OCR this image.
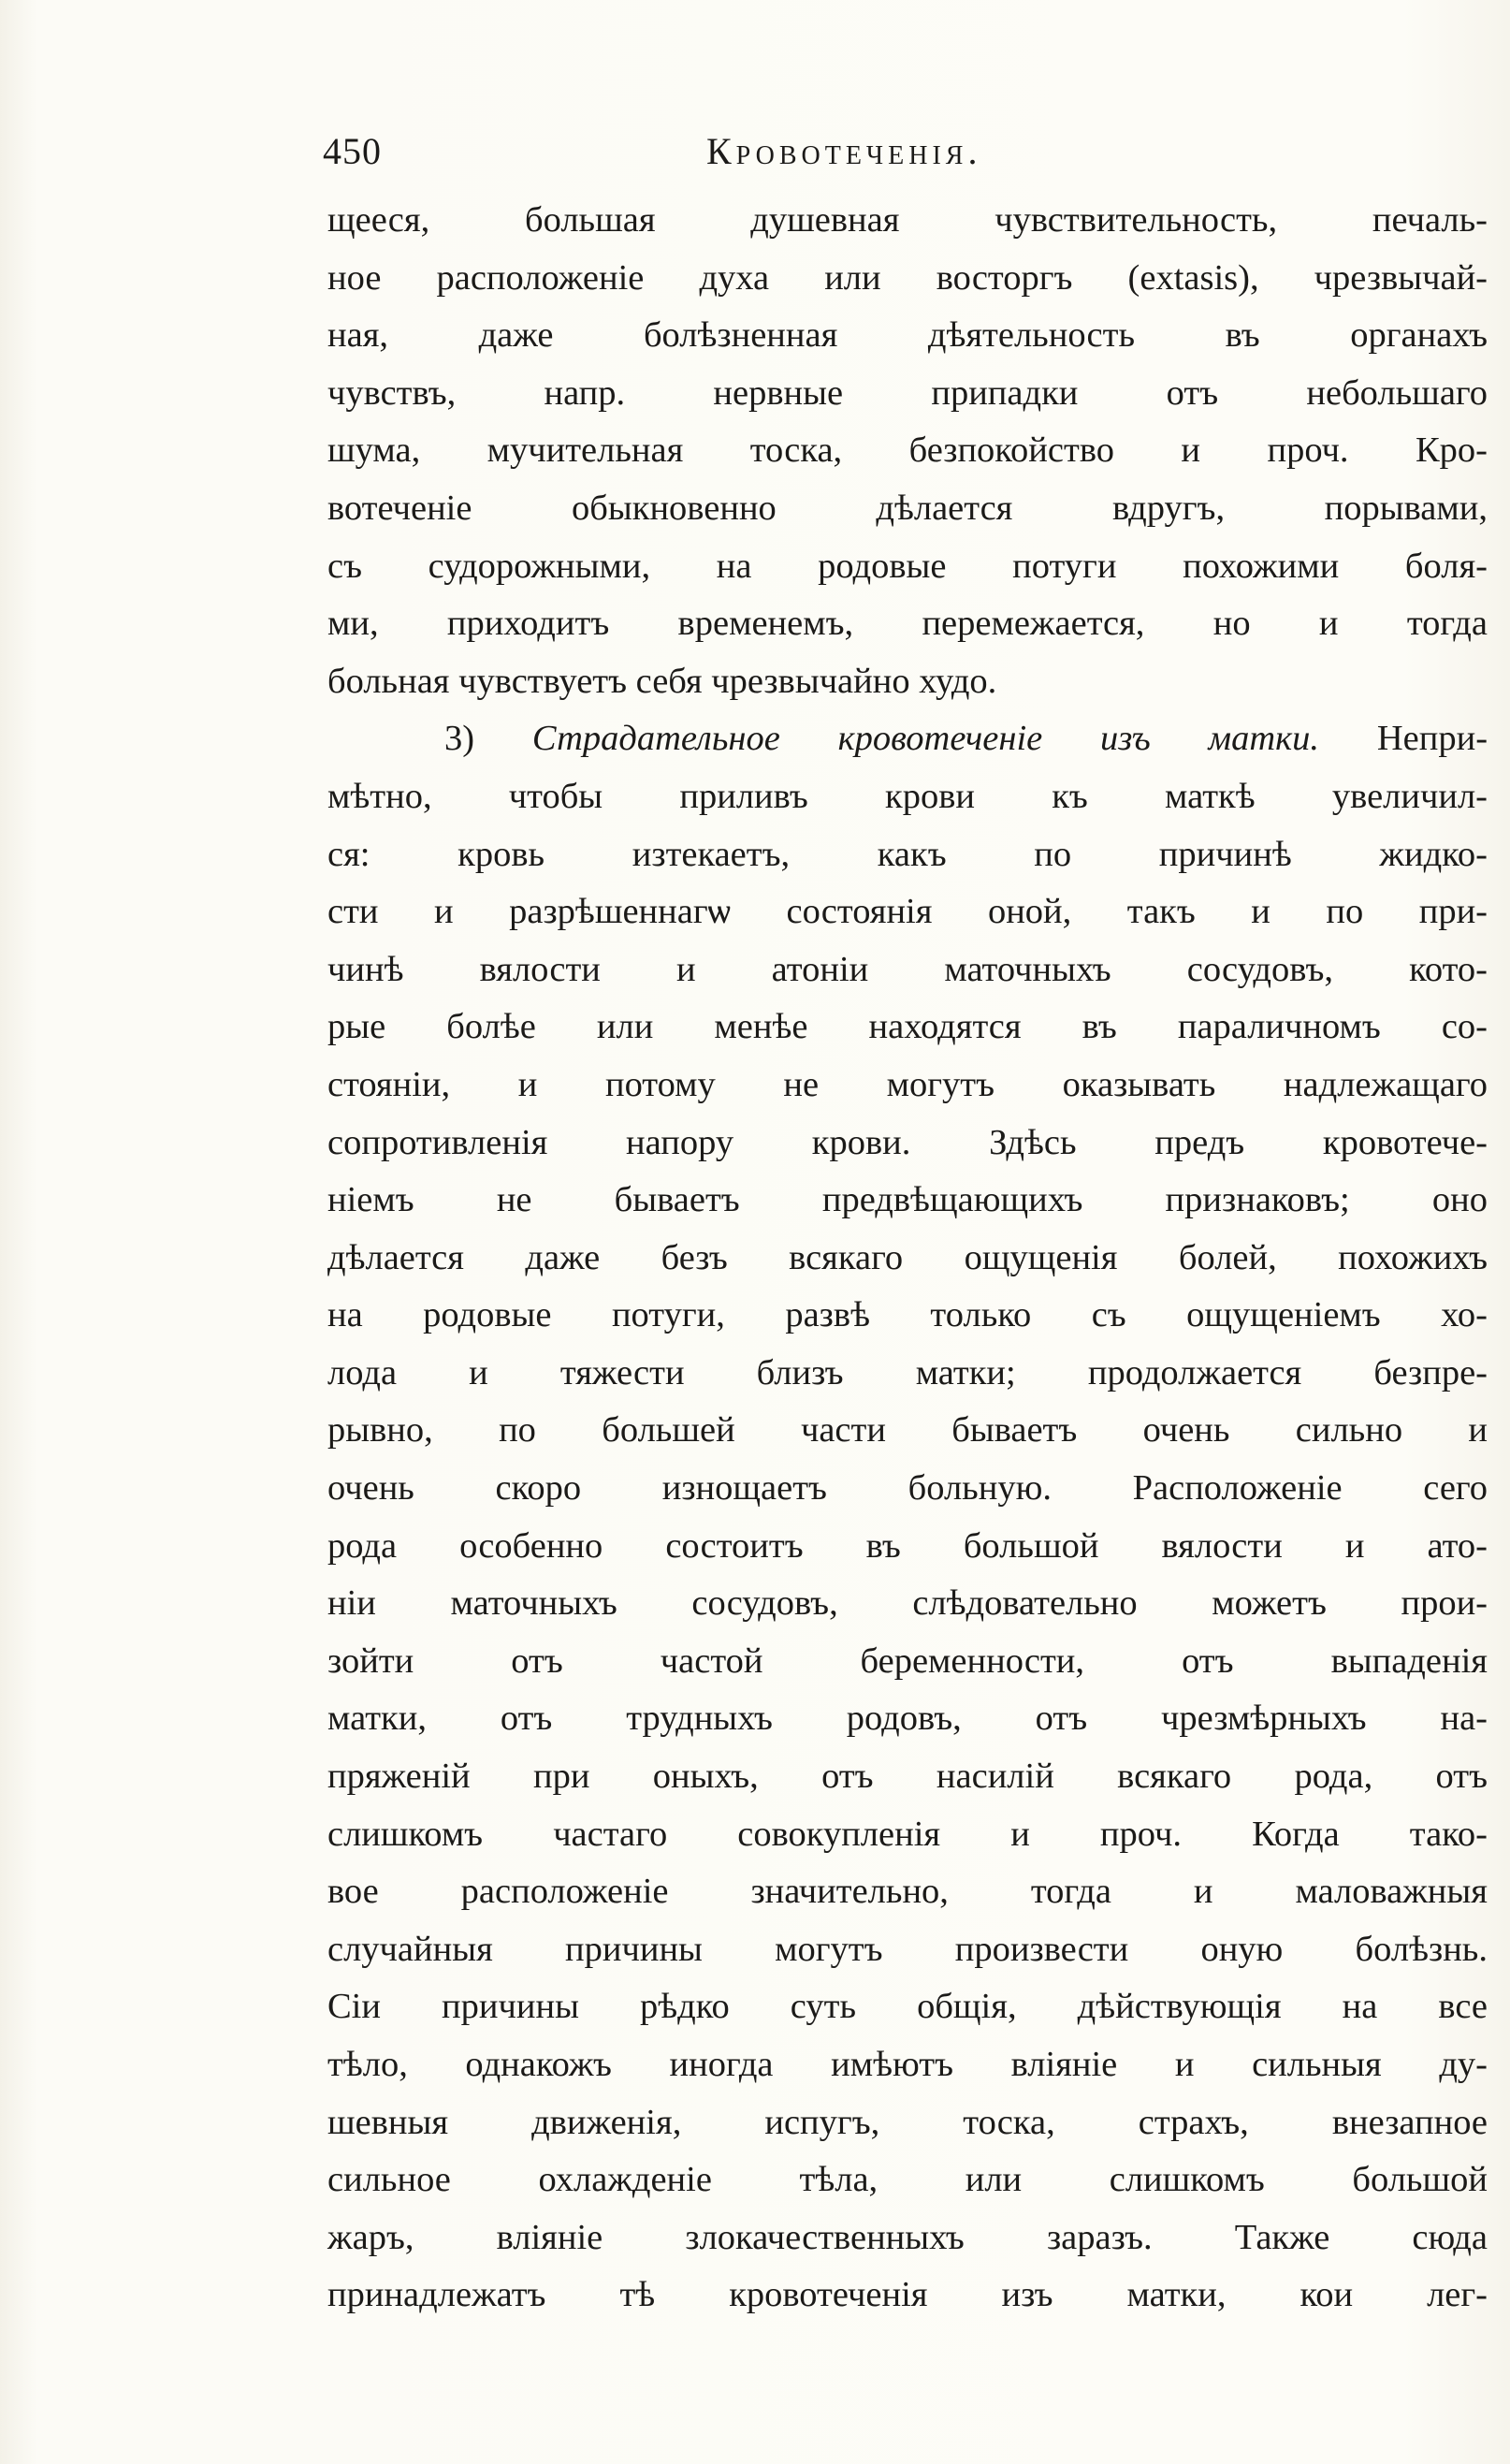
450	Кровотеченія.
щееся, большая душевная чувствительность, печаль-
ное расположеніе духа или восторгъ (extasis), чрезвычай-
ная, даже болѣзненная дѣятельность въ органахъ
чувствъ, напр. нервные припадки отъ небольшаго
шума, мучительная тоска, безпокойство и проч. Кро-
вотеченіе обыкновенно дѣлается вдругъ, порывами,
съ судорожными, на родовые потуги похожими боля-
ми, приходитъ временемъ, перемежается, но и тогда
больная чувствуетъ себя чрезвычайно худо.
3) Страдательное кровотеченіе изъ матки. Непри-
мѣтно, чтобы приливъ крови къ маткѣ увеличил-
ся: кровь изтекаетъ, какъ по причинѣ жидко-
сти и разрѣшеннагѡ состоянія оной, такъ и по при-
чинѣ вялости и атоніи маточныхъ сосудовъ, кото-
рые болѣе или менѣе находятся въ параличномъ со-
стояніи, и потому не могутъ оказывать надлежащаго
сопротивленія напору крови. Здѣсь предъ кровотече-
ніемъ не бываетъ предвѣщающихъ признаковъ; оно
дѣлается даже безъ всякаго ощущенія болей, похожихъ
на родовые потуги, развѣ только съ ощущеніемъ хо-
лода и тяжести близъ матки; продолжается безпре-
рывно, по большей части бываетъ очень сильно и
очень скоро изнощаетъ больную. Расположеніе сего
рода особенно состоитъ въ большой вялости и ато-
ніи маточныхъ сосудовъ, слѣдовательно можетъ прои-
зойти отъ частой беременности, отъ выпаденія
матки, отъ трудныхъ родовъ, отъ чрезмѣрныхъ на-
пряженій при оныхъ, отъ насилій всякаго рода, отъ
слишкомъ частаго совокупленія и проч. Когда тако-
вое расположеніе значительно, тогда и маловажныя
случайныя причины могутъ произвести оную болѣзнь.
Сіи причины рѣдко суть общія, дѣйствующія на все
тѣло, однакожъ иногда имѣютъ вліяніе и сильныя ду-
шевныя движенія, испугъ, тоска, страхъ, внезапное
сильное охлажденіе тѣла, или слишкомъ большой
жаръ, вліяніе злокачественныхъ заразъ. Также сюда
принадлежатъ тѣ кровотеченія изъ матки, кои лег-
